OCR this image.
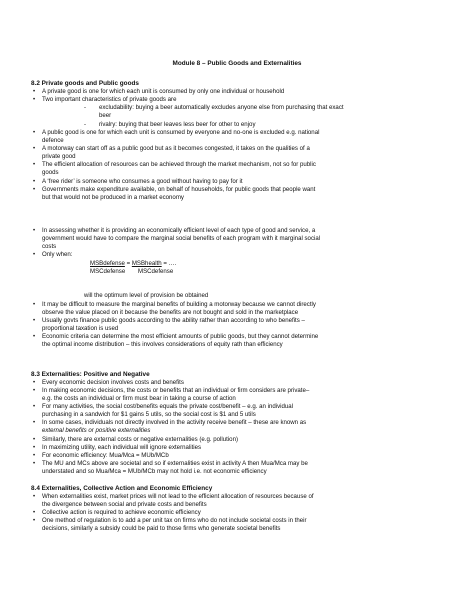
Module 8 – Public Goods and Externalities
8.2 Private goods and Public goods
• A private good is one for which each unit is consumed by only one individual or household
• Two important characteristics of private goods are
- excludability: buying a beer automatically excludes anyone else from purchasing that exact
beer
- rivalry: buying that beer leaves less beer for other to enjoy
• A public good is one for which each unit is consumed by everyone and no-one is excluded e.g. national
defence
• A motorway can start off as a public good but as it becomes congested, it takes on the qualities of a
private good
• The efficient allocation of resources can be achieved through the market mechanism, not so for public
goods
• A ‘free rider’ is someone who consumes a good without having to pay for it
• Governments make expenditure available, on behalf of households, for public goods that people want
but that would not be produced in a market economy
• In assessing whether it is providing an economically efficient level of each type of good and service, a
government would have to compare the marginal social benefits of each program with it marginal social
costs
• Only when:
MSBdefense = MSBhealth = ….
MSCdefense MSCdefense
will the optimum level of provision be obtained
• It may be difficult to measure the marginal benefits of building a motorway because we cannot directly
observe the value placed on it because the benefits are not bought and sold in the marketplace
• Usually govts finance public goods according to the ability rather than according to who benefits –
proportional taxation is used
• Economic criteria can determine the most efficient amounts of public goods, but they cannot determine
the optimal income distribution – this involves considerations of equity rath than efficiency
8.3 Externalities: Positive and Negative
• Every economic decision involves costs and benefits
• In making economic decisions, the costs or benefits that an individual or firm considers are private–
e.g. the costs an individual or firm must bear in taking a course of action
• For many activities, the social cost/benefits equals the private cost/benefit – e.g. an individual
purchasing in a sandwich for $1 gains 5 utils, so the social cost is $1 and 5 utils
• In some cases, individuals not directly involved in the activity receive benefit – these are known as
external benefits or positive externalities
• Similarly, there are external costs or negative externalities (e.g. pollution)
• In maximizing utility, each individual will ignore externalities
• For economic efficiency: Mua/Mca = MUb/MCb
• The MU and MCs above are societal and so if externalities exist in activity A then Mua/Mca may be
understated and so Mua/Mca = MUb/MCb may not hold i.e. not economic efficiency
8.4 Externalities, Collective Action and Economic Efficiency
• When externalities exist, market prices will not lead to the efficient allocation of resources because of
the divergence between social and private costs and benefits
• Collective action is required to achieve economic efficiency
• One method of regulation is to add a per unit tax on firms who do not include societal costs in their
decisions, similarly a subsidy could be paid to those firms who generate societal benefits
